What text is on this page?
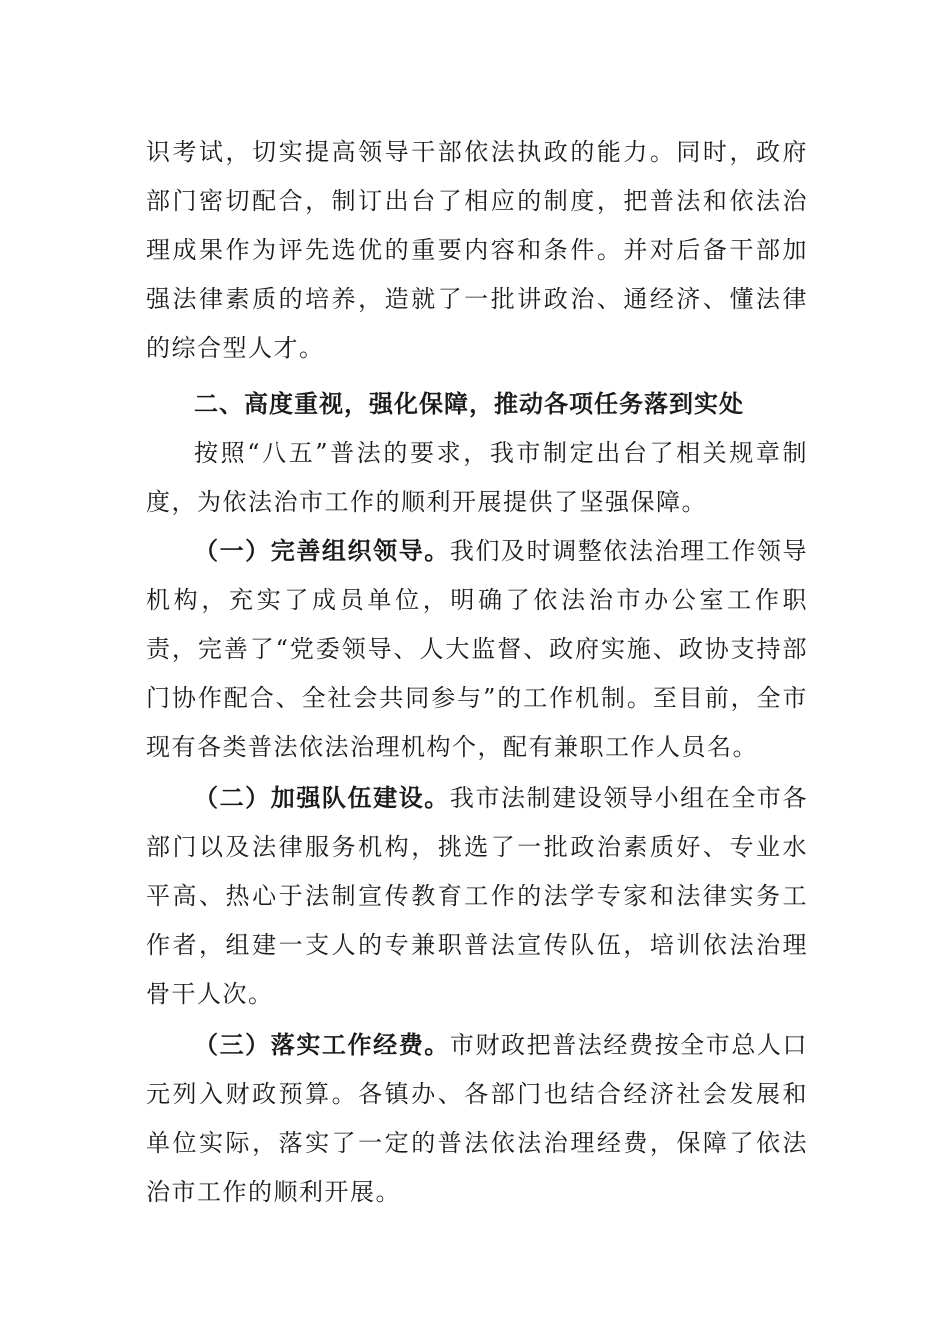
识考试，切实提高领导干部依法执政的能力。同时，政府部门密切配合，制订出台了相应的制度，把普法和依法治理成果作为评先选优的重要内容和条件。并对后备干部加强法律素质的培养，造就了一批讲政治、通经济、懂法律的综合型人才。

二、高度重视，强化保障，推动各项任务落到实处

按照“八五”普法的要求，我市制定出台了相关规章制度，为依法治市工作的顺利开展提供了坚强保障。

（一）完善组织领导。我们及时调整依法治理工作领导机构，充实了成员单位，明确了依法治市办公室工作职责，完善了“党委领导、人大监督、政府实施、政协支持部门协作配合、全社会共同参与”的工作机制。至目前，全市现有各类普法依法治理机构个，配有兼职工作人员名。

（二）加强队伍建设。我市法制建设领导小组在全市各部门以及法律服务机构，挑选了一批政治素质好、专业水平高、热心于法制宣传教育工作的法学专家和法律实务工作者，组建一支人的专兼职普法宣传队伍，培训依法治理骨干人次。

（三）落实工作经费。市财政把普法经费按全市总人口元列入财政预算。各镇办、各部门也结合经济社会发展和单位实际，落实了一定的普法依法治理经费，保障了依法治市工作的顺利开展。
